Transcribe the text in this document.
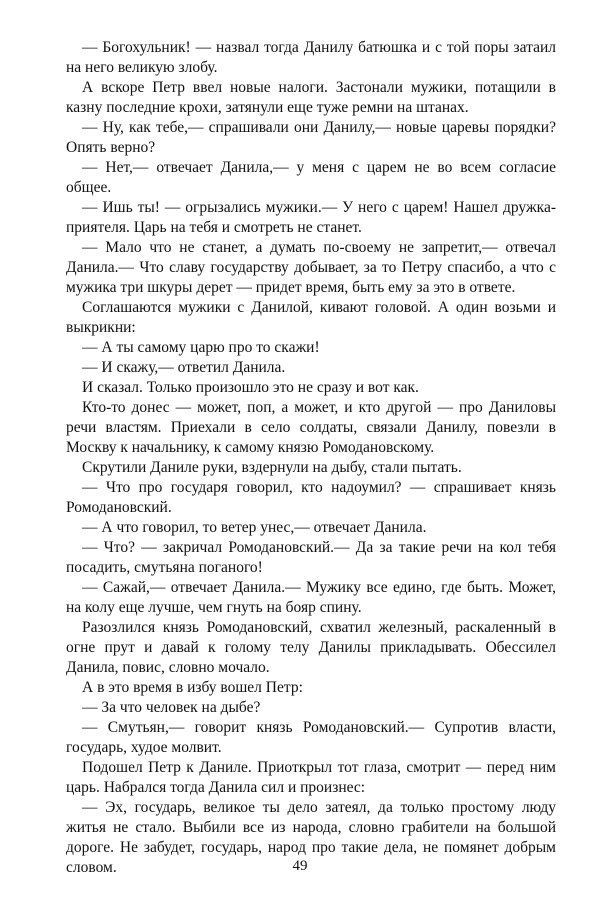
— Богохульник! — назвал тогда Данилу батюшка и с той поры затаил на него великую злобу.

А вскоре Петр ввел новые налоги. Застонали мужики, потащили в казну последние крохи, затянули еще туже ремни на штанах.

— Ну, как тебе,— спрашивали они Данилу,— новые царевы порядки? Опять верно?

— Нет,— отвечает Данила,— у меня с царем не во всем согласие общее.

— Ишь ты! — огрызались мужики.— У него с царем! Нашел дружка-приятеля. Царь на тебя и смотреть не станет.

— Мало что не станет, а думать по-своему не запретит,— отвечал Данила.— Что славу государству добывает, за то Петру спасибо, а что с мужика три шкуры дерет — придет время, быть ему за это в ответе.

Соглашаются мужики с Данилой, кивают головой. А один возьми и выкрикни:

— А ты самому царю про то скажи!

— И скажу,— ответил Данила.

И сказал. Только произошло это не сразу и вот как.

Кто-то донес — может, поп, а может, и кто другой — про Даниловы речи властям. Приехали в село солдаты, связали Данилу, повезли в Москву к начальнику, к самому князю Ромодановскому.

Скрутили Даниле руки, вздернули на дыбу, стали пытать.

— Что про государя говорил, кто надоумил? — спрашивает князь Ромодановский.

— А что говорил, то ветер унес,— отвечает Данила.

— Что? — закричал Ромодановский.— Да за такие речи на кол тебя посадить, смутьяна поганого!

— Сажай,— отвечает Данила.— Мужику все едино, где быть. Может, на колу еще лучше, чем гнуть на бояр спину.

Разозлился князь Ромодановский, схватил железный, раскаленный в огне прут и давай к голому телу Данилы прикладывать. Обессилел Данила, повис, словно мочало.

А в это время в избу вошел Петр:

— За что человек на дыбе?

— Смутьян,— говорит князь Ромодановский.— Супротив власти, государь, худое молвит.

Подошел Петр к Даниле. Приоткрыл тот глаза, смотрит — перед ним царь. Набрался тогда Данила сил и произнес:

— Эх, государь, великое ты дело затеял, да только простому люду житья не стало. Выбили все из народа, словно грабители на большой дороге. Не забудет, государь, народ про такие дела, не помянет добрым словом.	49
